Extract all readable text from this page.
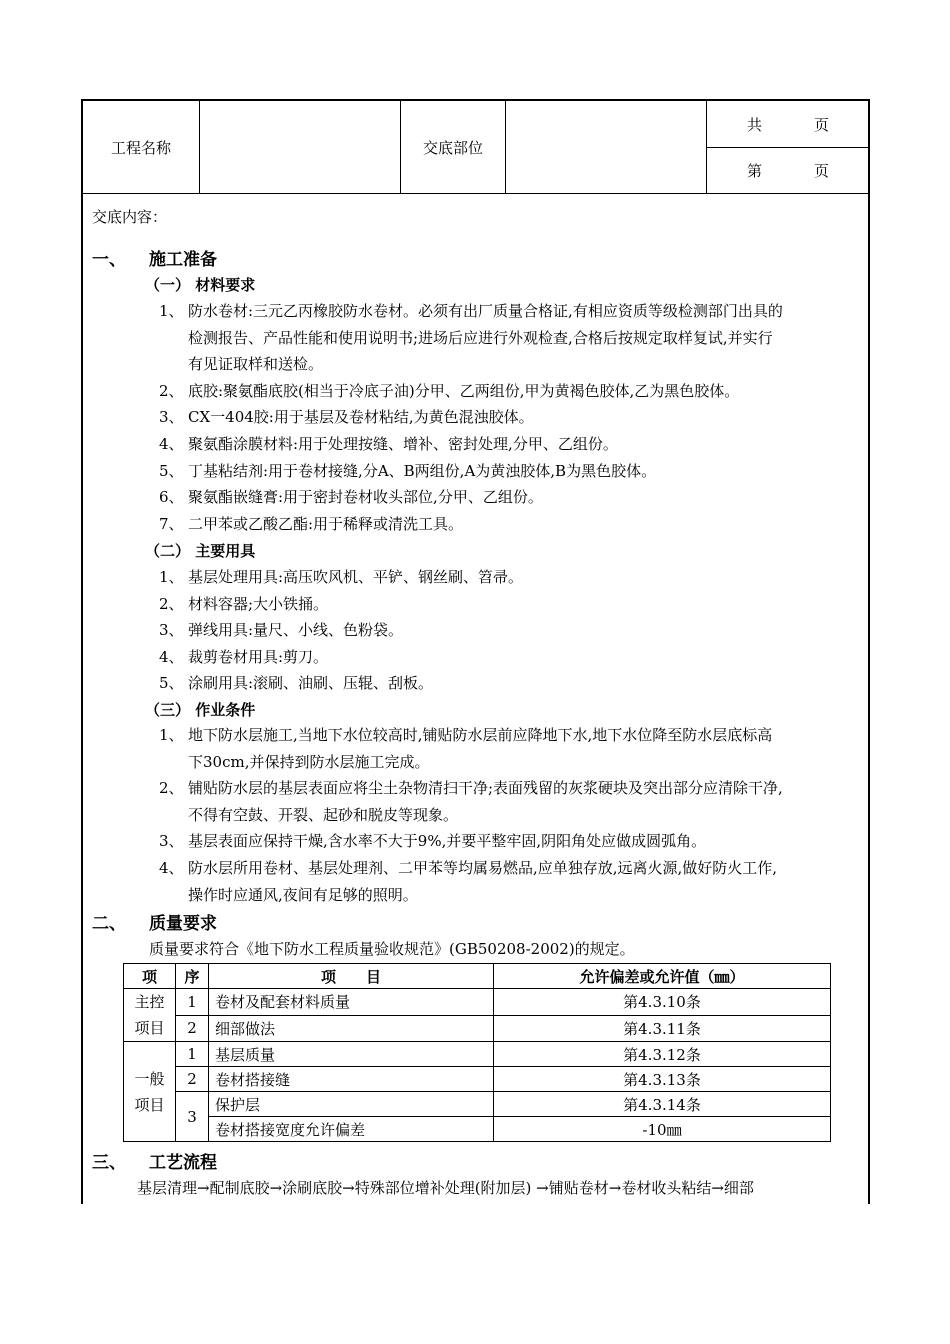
工程名称	交底部位
共	页
第	页
交底内容：
一、 施工准备
（一） 材料要求
1、 防水卷材:三元乙丙橡胶防水卷材。必须有出厂质量合格证,有相应资质等级检测部门出具的
检测报告、产品性能和使用说明书;进场后应进行外观检查,合格后按规定取样复试,并实行
有见证取样和送检。
2、 底胶:聚氨酯底胶(相当于冷底子油)分甲、乙两组份,甲为黄褐色胶体,乙为黑色胶体。
3、 CX一404胶:用于基层及卷材粘结,为黄色混浊胶体。
4、 聚氨酯涂膜材料:用于处理按缝、增补、密封处理,分甲、乙组份。
5、 丁基粘结剂:用于卷材接缝,分A、B两组份,A为黄浊胶体,B为黑色胶体。
6、 聚氨酯嵌缝膏:用于密封卷材收头部位,分甲、乙组份。
7、 二甲苯或乙酸乙酯:用于稀释或清洗工具。
（二） 主要用具
1、 基层处理用具:高压吹风机、平铲、钢丝刷、笤帚。
2、 材料容器;大小铁捅。
3、 弹线用具:量尺、小线、色粉袋。
4、 裁剪卷材用具:剪刀。
5、 涂刷用具:滚刷、油刷、压辊、刮板。
（三） 作业条件
1、 地下防水层施工,当地下水位较高时,铺贴防水层前应降地下水,地下水位降至防水层底标高
下30cm,并保持到防水层施工完成。
2、 铺贴防水层的基层表面应将尘土杂物清扫干净;表面残留的灰浆硬块及突出部分应清除干净,
不得有空鼓、开裂、起砂和脱皮等现象。
3、 基层表面应保持干燥,含水率不大于9%,并要平整牢固,阴阳角处应做成圆弧角。
4、 防水层所用卷材、基层处理剂、二甲苯等均属易燃品,应单独存放,远离火源,做好防火工作,
操作时应通风,夜间有足够的照明。
二、 质量要求
质量要求符合《地下防水工程质量验收规范》(GB50208-2002)的规定。
项	序	项　　目	允许偏差或允许值（㎜）
主控
项目	1	卷材及配套材料质量	第4.3.10条
	2	细部做法	第4.3.11条
一般
项目	1	基层质量	第4.3.12条
	2	卷材搭接缝	第4.3.13条
	3	保护层	第4.3.14条
		卷材搭接宽度允许偏差	-10㎜
三、 工艺流程
基层清理→配制底胶→涂刷底胶→特殊部位增补处理(附加层) →铺贴卷材→卷材收头粘结→细部
